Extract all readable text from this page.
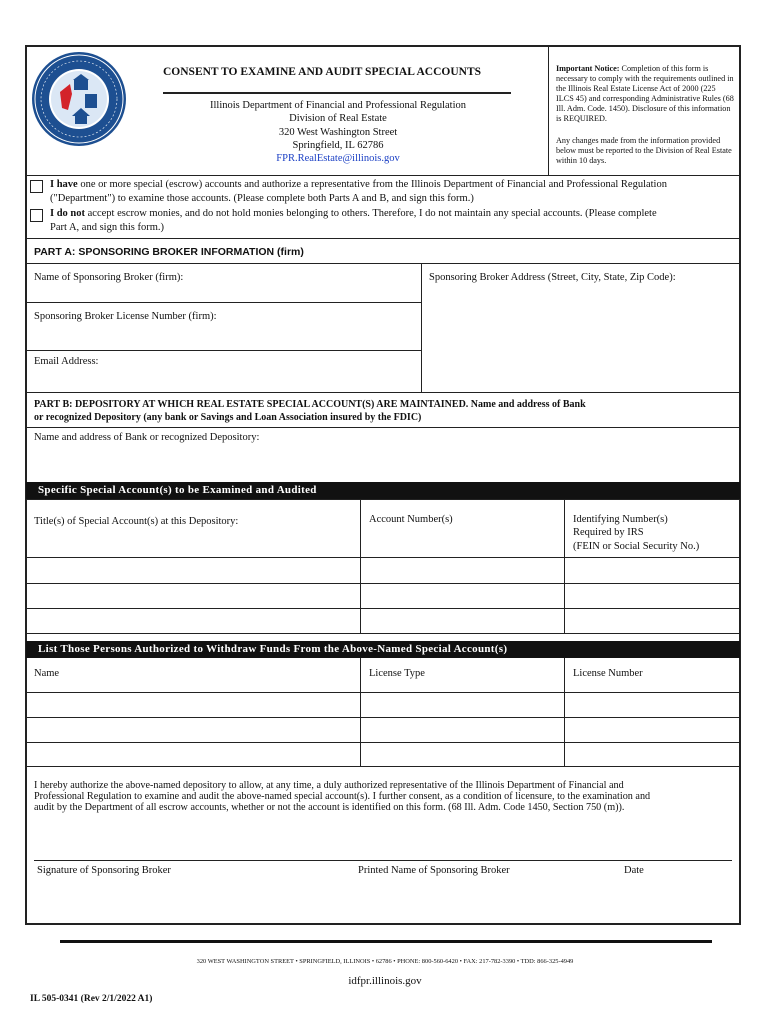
CONSENT TO EXAMINE AND AUDIT SPECIAL ACCOUNTS
Illinois Department of Financial and Professional Regulation
Division of Real Estate
320 West Washington Street
Springfield, IL 62786
FPR.RealEstate@illinois.gov
Important Notice: Completion of this form is necessary to comply with the requirements outlined in the Illinois Real Estate License Act of 2000 (225 ILCS 45) and corresponding Administrative Rules (68 Ill. Adm. Code. 1450). Disclosure of this information is REQUIRED.
Any changes made from the information provided below must be reported to the Division of Real Estate within 10 days.
I have one or more special (escrow) accounts and authorize a representative from the Illinois Department of Financial and Professional Regulation
("Department") to examine those accounts. (Please complete both Parts A and B, and sign this form.)
I do not accept escrow monies, and do not hold monies belonging to others. Therefore, I do not maintain any special accounts. (Please complete
Part A, and sign this form.)
PART A: SPONSORING BROKER INFORMATION (firm)
Name of Sponsoring Broker (firm):	Sponsoring Broker Address (Street, City, State, Zip Code):
Sponsoring Broker License Number (firm):
Email Address:
PART B: DEPOSITORY AT WHICH REAL ESTATE SPECIAL ACCOUNT(S) ARE MAINTAINED. Name and address of Bank
or recognized Depository (any bank or Savings and Loan Association insured by the FDIC)
Name and address of Bank or recognized Depository:
Specific Special Account(s) to be Examined and Audited
Title(s) of Special Account(s) at this Depository:	Account Number(s)	Identifying Number(s)
Required by IRS
(FEIN or Social Security No.)
List Those Persons Authorized to Withdraw Funds From the Above-Named Special Account(s)
Name	License Type	License Number
I hereby authorize the above-named depository to allow, at any time, a duly authorized representative of the Illinois Department of Financial and
Professional Regulation to examine and audit the above-named special account(s). I further consent, as a condition of licensure, to the examination and
audit by the Department of all escrow accounts, whether or not the account is identified on this form. (68 Ill. Adm. Code 1450, Section 750 (m)).
Signature of Sponsoring Broker	Printed Name of Sponsoring Broker	Date
320 WEST WASHINGTON STREET • SPRINGFIELD, ILLINOIS • 62786 • PHONE: 800-560-6420 • FAX: 217-782-3390 • TDD: 866-325-4949
idfpr.illinois.gov
IL 505-0341 (Rev 2/1/2022 A1)
